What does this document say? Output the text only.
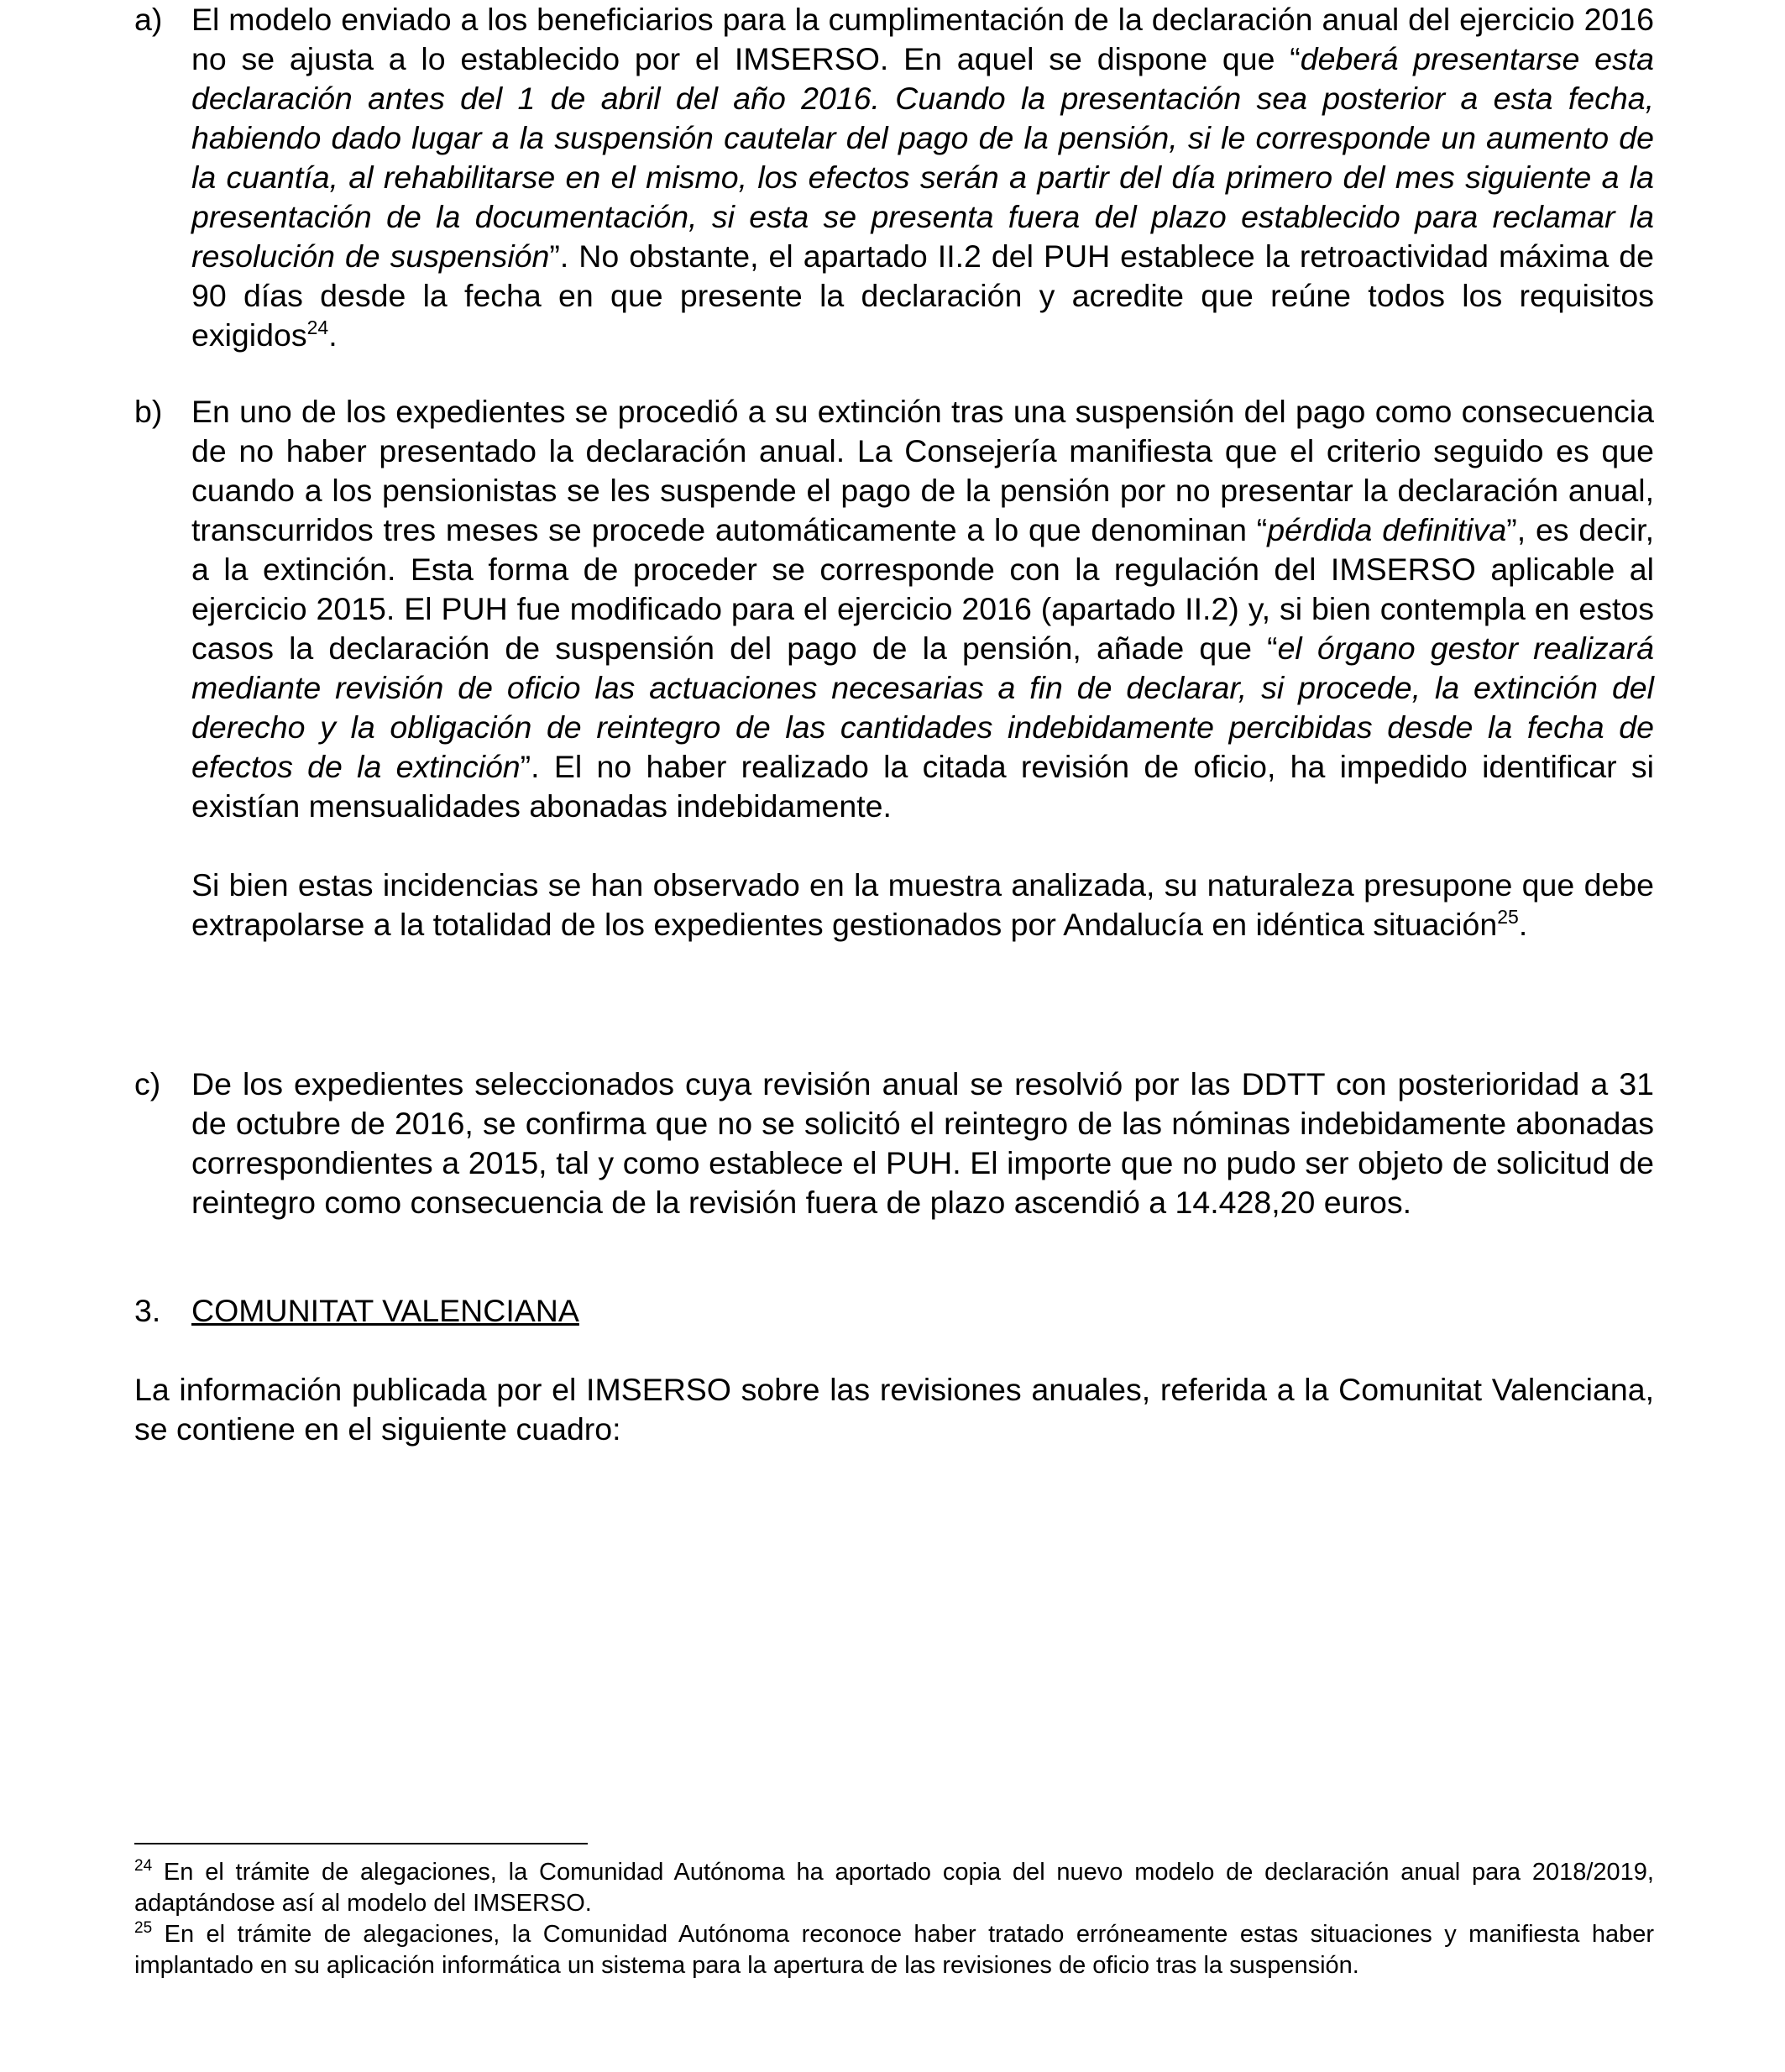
a) El modelo enviado a los beneficiarios para la cumplimentación de la declaración anual del ejercicio 2016 no se ajusta a lo establecido por el IMSERSO. En aquel se dispone que “deberá presentarse esta declaración antes del 1 de abril del año 2016. Cuando la presentación sea posterior a esta fecha, habiendo dado lugar a la suspensión cautelar del pago de la pensión, si le corresponde un aumento de la cuantía, al rehabilitarse en el mismo, los efectos serán a partir del día primero del mes siguiente a la presentación de la documentación, si esta se presenta fuera del plazo establecido para reclamar la resolución de suspensión”. No obstante, el apartado II.2 del PUH establece la retroactividad máxima de 90 días desde la fecha en que presente la declaración y acredite que reúne todos los requisitos exigidos$^{24}$.

b) En uno de los expedientes se procedió a su extinción tras una suspensión del pago como consecuencia de no haber presentado la declaración anual. La Consejería manifiesta que el criterio seguido es que cuando a los pensionistas se les suspende el pago de la pensión por no presentar la declaración anual, transcurridos tres meses se procede automáticamente a lo que denominan “pérdida definitiva”, es decir, a la extinción. Esta forma de proceder se corresponde con la regulación del IMSERSO aplicable al ejercicio 2015. El PUH fue modificado para el ejercicio 2016 (apartado II.2) y, si bien contempla en estos casos la declaración de suspensión del pago de la pensión, añade que “el órgano gestor realizará mediante revisión de oficio las actuaciones necesarias a fin de declarar, si procede, la extinción del derecho y la obligación de reintegro de las cantidades indebidamente percibidas desde la fecha de efectos de la extinción”. El no haber realizado la citada revisión de oficio, ha impedido identificar si existían mensualidades abonadas indebidamente.

Si bien estas incidencias se han observado en la muestra analizada, su naturaleza presupone que debe extrapolarse a la totalidad de los expedientes gestionados por Andalucía en idéntica situación$^{25}$.

c) De los expedientes seleccionados cuya revisión anual se resolvió por las DDTT con posterioridad a 31 de octubre de 2016, se confirma que no se solicitó el reintegro de las nóminas indebidamente abonadas correspondientes a 2015, tal y como establece el PUH. El importe que no pudo ser objeto de solicitud de reintegro como consecuencia de la revisión fuera de plazo ascendió a 14.428,20 euros.

3. COMUNITAT VALENCIANA

La información publicada por el IMSERSO sobre las revisiones anuales, referida a la Comunitat Valenciana, se contiene en el siguiente cuadro:

$^{24}$ En el trámite de alegaciones, la Comunidad Autónoma ha aportado copia del nuevo modelo de declaración anual para 2018/2019, adaptándose así al modelo del IMSERSO.

$^{25}$ En el trámite de alegaciones, la Comunidad Autónoma reconoce haber tratado erróneamente estas situaciones y manifiesta haber implantado en su aplicación informática un sistema para la apertura de las revisiones de oficio tras la suspensión.
